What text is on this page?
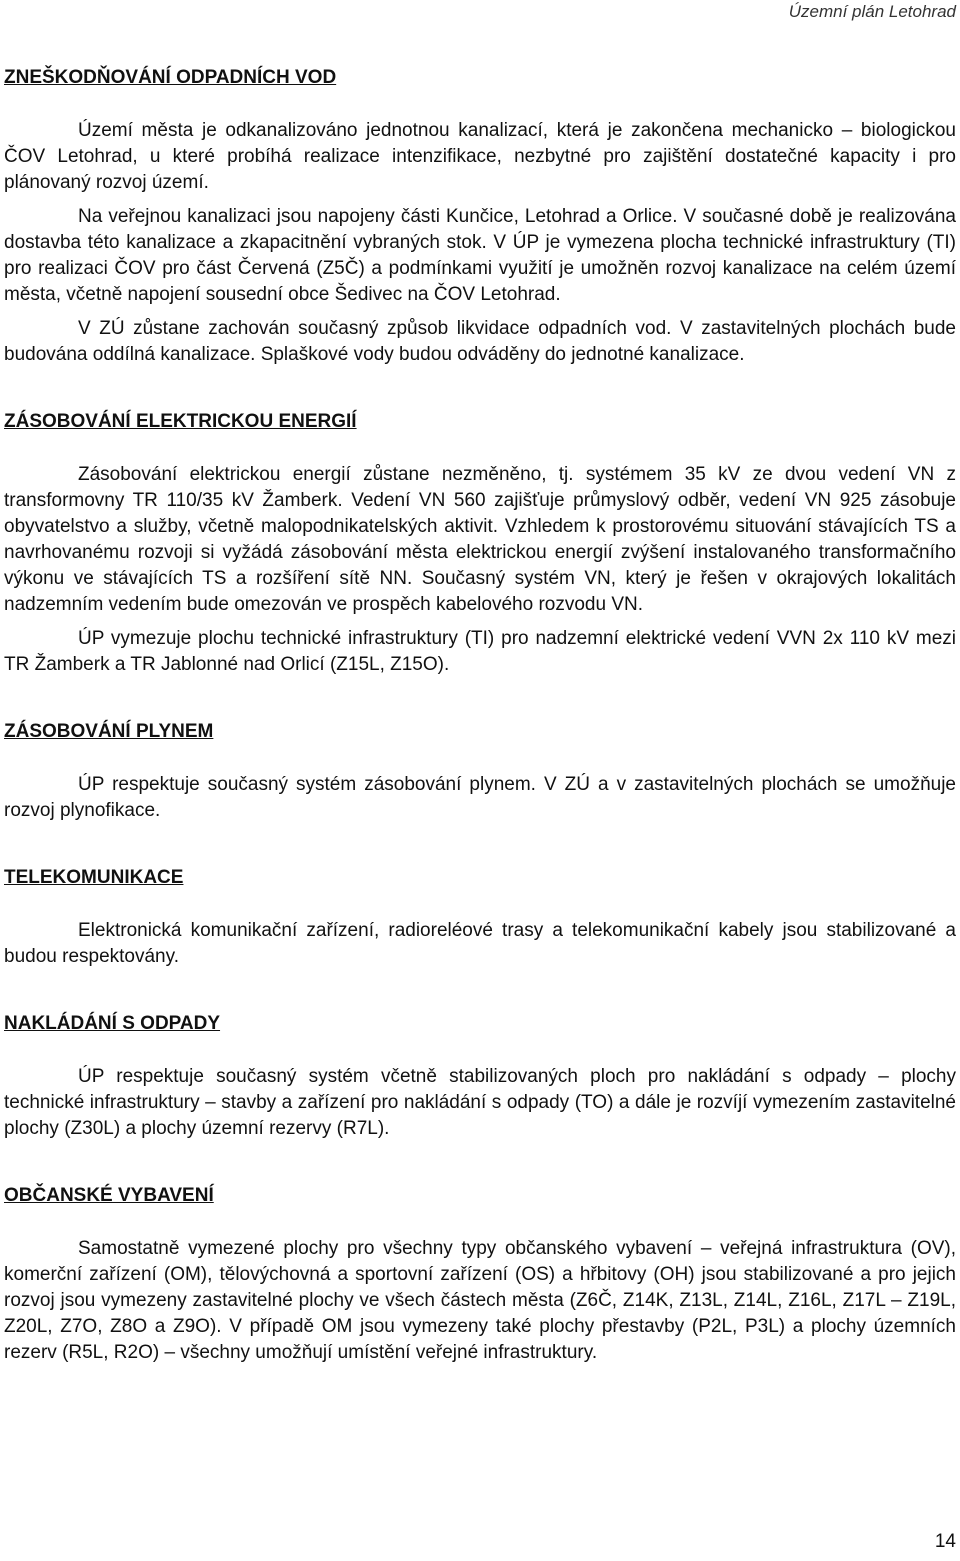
Územní plán Letohrad
ZNEŠKODŇOVÁNÍ ODPADNÍCH VOD

Území města je odkanalizováno jednotnou kanalizací, která je zakončena mechanicko – biologickou ČOV Letohrad, u které probíhá realizace intenzifikace, nezbytné pro zajištění dostatečné kapacity i pro plánovaný rozvoj území.

Na veřejnou kanalizaci jsou napojeny části Kunčice, Letohrad a Orlice. V současné době je realizována dostavba této kanalizace a zkapacitnění vybraných stok. V ÚP je vymezena plocha technické infrastruktury (TI) pro realizaci ČOV pro část Červená (Z5Č) a podmínkami využití je umožněn rozvoj kanalizace na celém území města, včetně napojení sousední obce Šedivec na ČOV Letohrad.

V ZÚ zůstane zachován současný způsob likvidace odpadních vod. V zastavitelných plochách bude budována oddílná kanalizace. Splaškové vody budou odváděny do jednotné kanalizace.

ZÁSOBOVÁNÍ ELEKTRICKOU ENERGIÍ

Zásobování elektrickou energií zůstane nezměněno, tj. systémem 35 kV ze dvou vedení VN z transformovny TR 110/35 kV Žamberk. Vedení VN 560 zajišťuje průmyslový odběr, vedení VN 925 zásobuje obyvatelstvo a služby, včetně malopodnikatelských aktivit. Vzhledem k prostorovému situování stávajících TS a navrhovanému rozvoji si vyžádá zásobování města elektrickou energií zvýšení instalovaného transformačního výkonu ve stávajících TS a rozšíření sítě NN. Současný systém VN, který je řešen v okrajových lokalitách nadzemním vedením bude omezován ve prospěch kabelového rozvodu VN.

ÚP vymezuje plochu technické infrastruktury (TI) pro nadzemní elektrické vedení VVN 2x 110 kV mezi TR Žamberk a TR Jablonné nad Orlicí (Z15L, Z15O).

ZÁSOBOVÁNÍ PLYNEM

ÚP respektuje současný systém zásobování plynem. V ZÚ a v zastavitelných plochách se umožňuje rozvoj plynofikace.

TELEKOMUNIKACE

Elektronická komunikační zařízení, radioreléové trasy a telekomunikační kabely jsou stabilizované a budou respektovány.

NAKLÁDÁNÍ S ODPADY

ÚP respektuje současný systém včetně stabilizovaných ploch pro nakládání s odpady – plochy technické infrastruktury – stavby a zařízení pro nakládání s odpady (TO) a dále je rozvíjí vymezením zastavitelné plochy (Z30L) a plochy územní rezervy (R7L).

OBČANSKÉ VYBAVENÍ

Samostatně vymezené plochy pro všechny typy občanského vybavení – veřejná infrastruktura (OV), komerční zařízení (OM), tělovýchovná a sportovní zařízení (OS) a hřbitovy (OH) jsou stabilizované a pro jejich rozvoj jsou vymezeny zastavitelné plochy ve všech částech města (Z6Č, Z14K, Z13L, Z14L, Z16L, Z17L – Z19L, Z20L, Z7O, Z8O a Z9O). V případě OM jsou vymezeny také plochy přestavby (P2L, P3L) a plochy územních rezerv (R5L, R2O) – všechny umožňují umístění veřejné infrastruktury.

14
